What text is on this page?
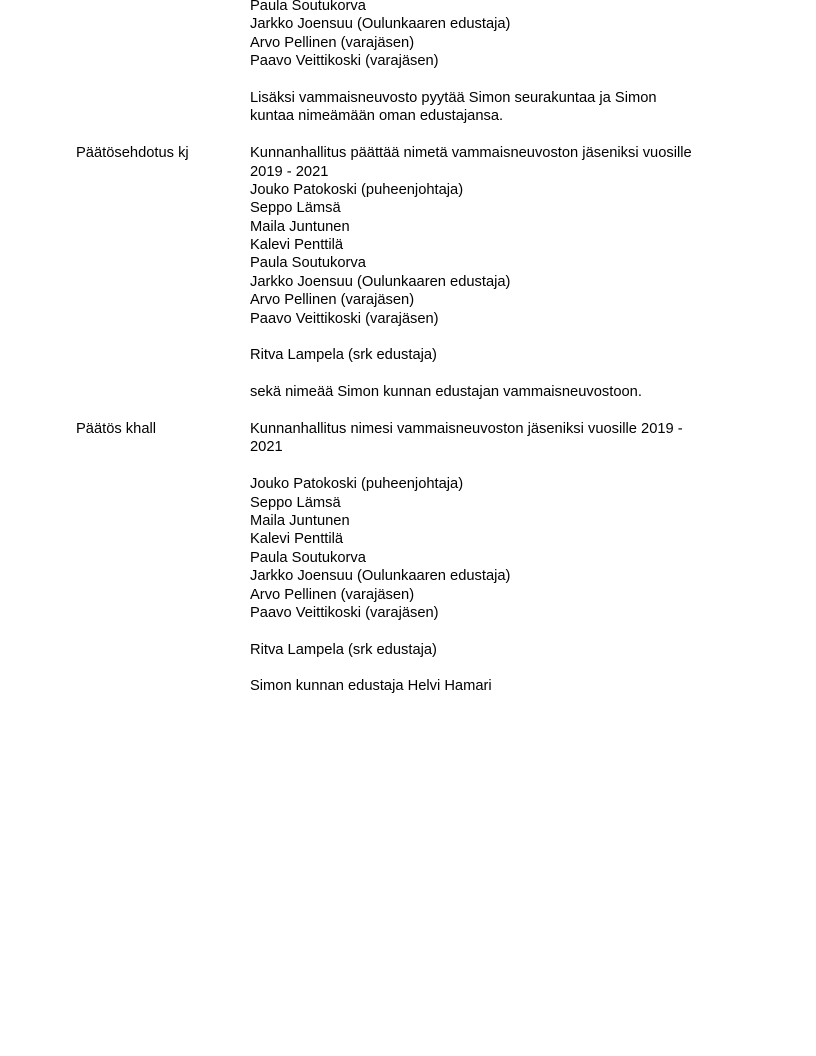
Paula Soutukorva
Jarkko Joensuu (Oulunkaaren edustaja)
Arvo Pellinen (varajäsen)
Paavo Veittikoski (varajäsen)
Lisäksi vammaisneuvosto pyytää Simon seurakuntaa ja Simon
kuntaa nimeämään oman edustajansa.
Päätösehdotus kj	Kunnanhallitus päättää nimetä vammaisneuvoston jäseniksi vuosille
2019 - 2021
Jouko Patokoski (puheenjohtaja)
Seppo Lämsä
Maila Juntunen
Kalevi Penttilä
Paula Soutukorva
Jarkko Joensuu (Oulunkaaren edustaja)
Arvo Pellinen (varajäsen)
Paavo Veittikoski (varajäsen)
Ritva Lampela (srk edustaja)
sekä nimeää Simon kunnan edustajan vammaisneuvostoon.
Päätös khall	Kunnanhallitus nimesi vammaisneuvoston jäseniksi vuosille 2019 -
2021
Jouko Patokoski (puheenjohtaja)
Seppo Lämsä
Maila Juntunen
Kalevi Penttilä
Paula Soutukorva
Jarkko Joensuu (Oulunkaaren edustaja)
Arvo Pellinen (varajäsen)
Paavo Veittikoski (varajäsen)
Ritva Lampela (srk edustaja)
Simon kunnan edustaja Helvi Hamari
